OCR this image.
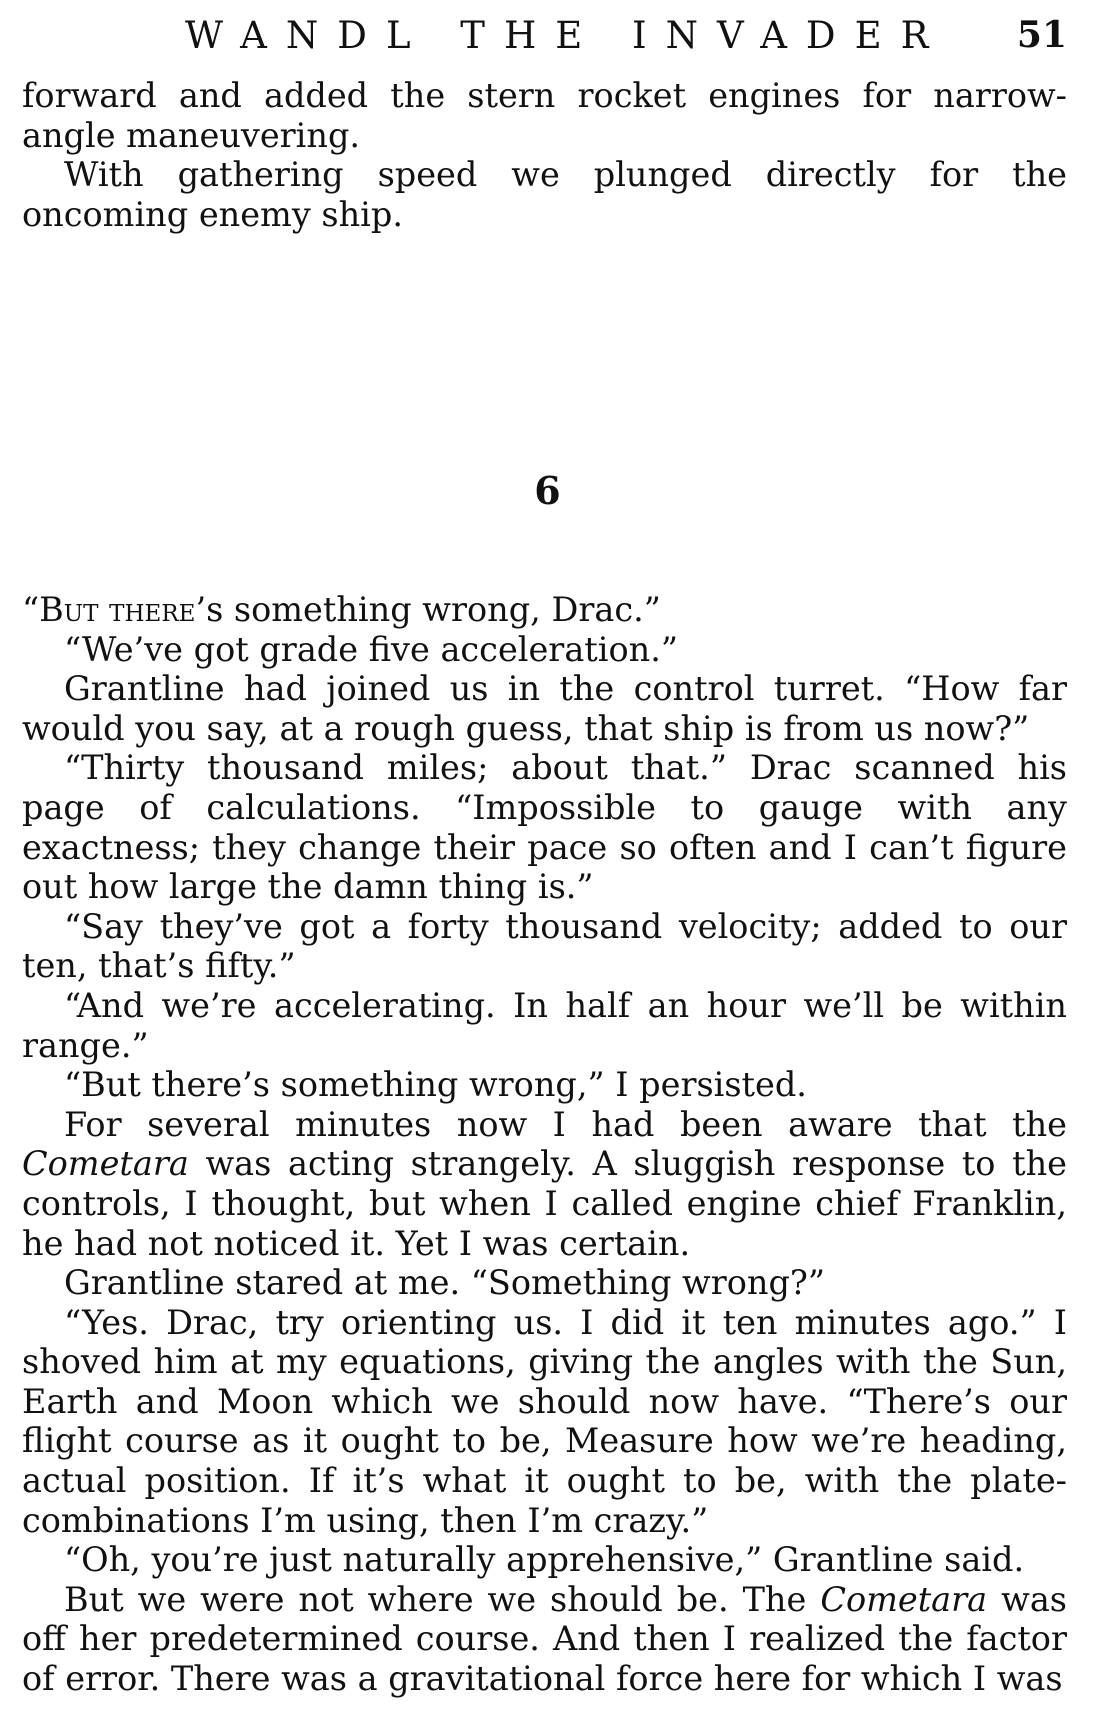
WANDL THE INVADER 51

forward and added the stern rocket engines for narrow-angle maneuvering.

With gathering speed we plunged directly for the oncoming enemy ship.

6

“But there’s something wrong, Drac.”

“We’ve got grade five acceleration.”

Grantline had joined us in the control turret. “How far would you say, at a rough guess, that ship is from us now?”

“Thirty thousand miles; about that.” Drac scanned his page of calculations. “Impossible to gauge with any exactness; they change their pace so often and I can’t figure out how large the damn thing is.”

“Say they’ve got a forty thousand velocity; added to our ten, that’s fifty.”

“And we’re accelerating. In half an hour we’ll be within range.”

“But there’s something wrong,” I persisted.

For several minutes now I had been aware that the Cometara was acting strangely. A sluggish response to the controls, I thought, but when I called engine chief Franklin, he had not noticed it. Yet I was certain.

Grantline stared at me. “Something wrong?”

“Yes. Drac, try orienting us. I did it ten minutes ago.” I shoved him at my equations, giving the angles with the Sun, Earth and Moon which we should now have. “There’s our flight course as it ought to be, Measure how we’re heading, actual position. If it’s what it ought to be, with the plate-combinations I’m using, then I’m crazy.”

“Oh, you’re just naturally apprehensive,” Grantline said.

But we were not where we should be. The Cometara was off her predetermined course. And then I realized the factor of error. There was a gravitational force here for which I was
